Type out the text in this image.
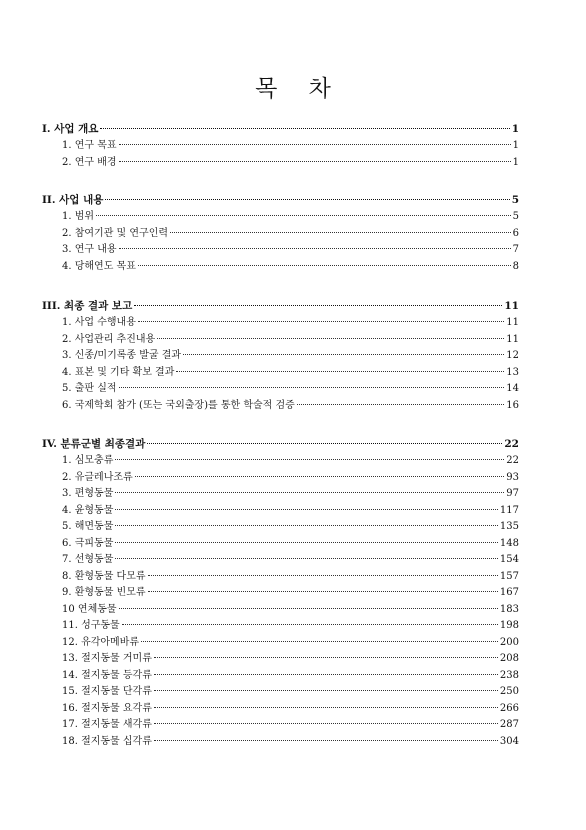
목 차
I. 사업 개요	1
1. 연구 목표	1
2. 연구 배경	1
II. 사업 내용	5
1. 범위	5
2. 참여기관 및 연구인력	6
3. 연구 내용	7
4. 당해연도 목표	8
III. 최종 결과 보고	11
1. 사업 수행내용	11
2. 사업관리 추진내용	11
3. 신종/미기록종 발굴 결과	12
4. 표본 및 기타 확보 결과	13
5. 출판 실적	14
6. 국제학회 참가 (또는 국외출장)를 통한 학술적 검증	16
IV. 분류군별 최종결과	22
1. 심모충류	22
2. 유글레나조류	93
3. 편형동물	97
4. 윤형동물	117
5. 해면동물	135
6. 극피동물	148
7. 선형동물	154
8. 환형동물 다모류	157
9. 환형동물 빈모류	167
10 연체동물	183
11. 성구동물	198
12. 유각아메바류	200
13. 절지동물 거미류	208
14. 절지동물 등각류	238
15. 절지동물 단각류	250
16. 절지동물 요각류	266
17. 절지동물 새각류	287
18. 절지동물 십각류	304
